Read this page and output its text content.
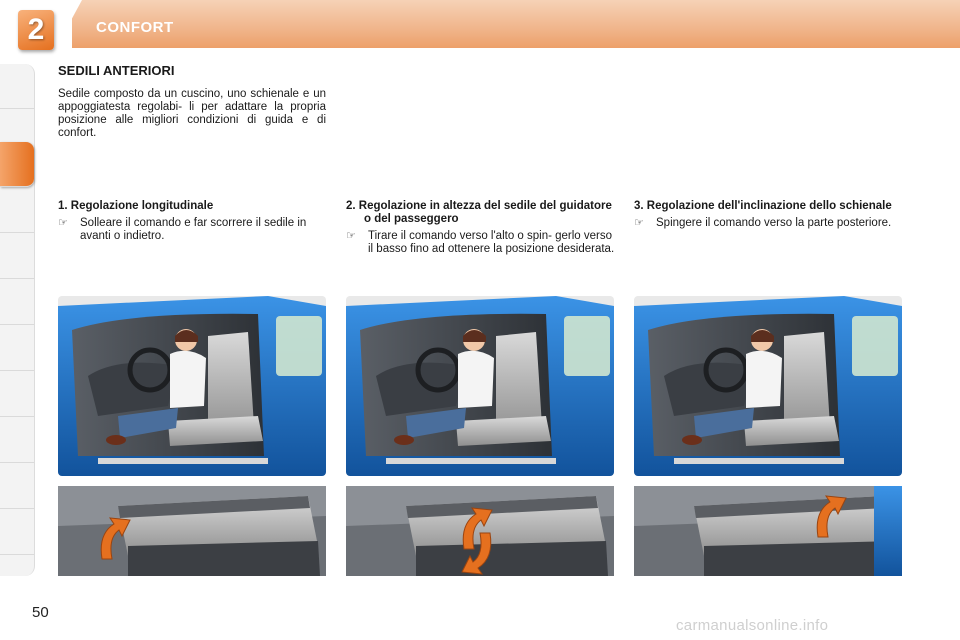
2	CONFORT
SEDILI ANTERIORI
Sedile composto da un cuscino, uno schienale e un appoggiatesta regolabi- li per adattare la propria posizione alle migliori condizioni di guida e di confort.
1. Regolazione longitudinale
☞ Solleare il comando e far scorrere il sedile in avanti o indietro.
2. Regolazione in altezza del sedile del guidatore o del passeggero
☞ Tirare il comando verso l'alto o spin- gerlo verso il basso fino ad ottenere la posizione desiderata.
3. Regolazione dell'inclinazione dello schienale
☞ Spingere il comando verso la parte posteriore.
50
carmanualsonline.info
